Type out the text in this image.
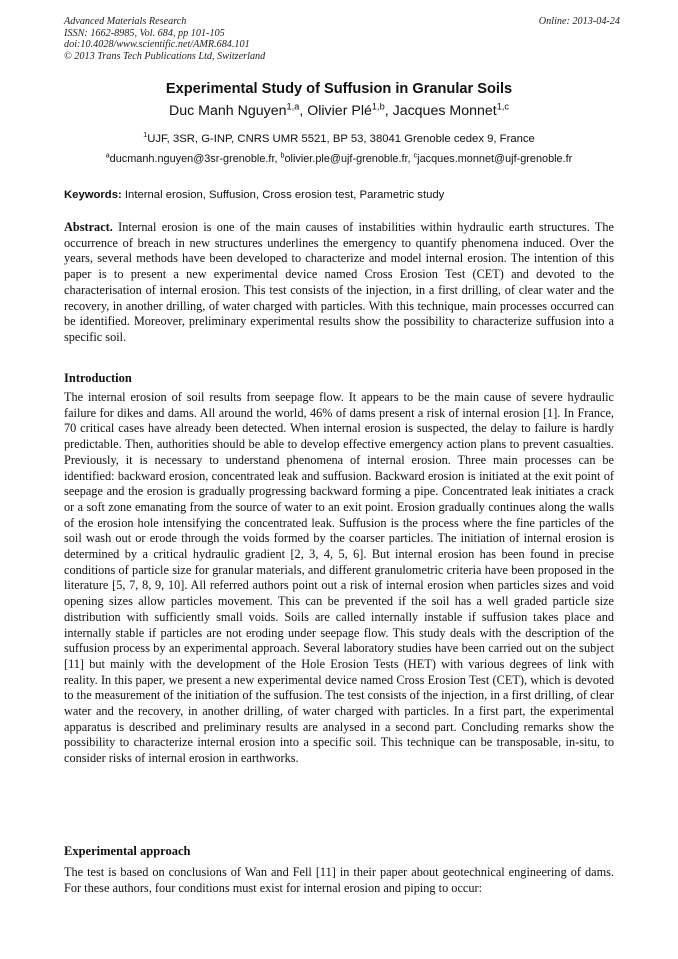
Advanced Materials Research
ISSN: 1662-8985, Vol. 684, pp 101-105
doi:10.4028/www.scientific.net/AMR.684.101
© 2013 Trans Tech Publications Ltd, Switzerland
Online: 2013-04-24
Experimental Study of Suffusion in Granular Soils
Duc Manh Nguyen$^{1,a}$, Olivier Plé$^{1,b}$, Jacques Monnet$^{1,c}$
$^1$UJF, 3SR, G-INP, CNRS UMR 5521, BP 53, 38041 Grenoble cedex 9, France
$^a$ducmanh.nguyen@3sr-grenoble.fr, $^b$olivier.ple@ujf-grenoble.fr, $^c$jacques.monnet@ujf-grenoble.fr
Keywords: Internal erosion, Suffusion, Cross erosion test, Parametric study
Abstract. Internal erosion is one of the main causes of instabilities within hydraulic earth structures. The occurrence of breach in new structures underlines the emergency to quantify phenomena induced. Over the years, several methods have been developed to characterize and model internal erosion. The intention of this paper is to present a new experimental device named Cross Erosion Test (CET) and devoted to the characterisation of internal erosion. This test consists of the injection, in a first drilling, of clear water and the recovery, in another drilling, of water charged with particles. With this technique, main processes occurred can be identified. Moreover, preliminary experimental results show the possibility to characterize suffusion into a specific soil.
Introduction
The internal erosion of soil results from seepage flow. It appears to be the main cause of severe hydraulic failure for dikes and dams. All around the world, 46% of dams present a risk of internal erosion [1]. In France, 70 critical cases have already been detected. When internal erosion is suspected, the delay to failure is hardly predictable. Then, authorities should be able to develop effective emergency action plans to prevent casualties. Previously, it is necessary to understand phenomena of internal erosion. Three main processes can be identified: backward erosion, concentrated leak and suffusion. Backward erosion is initiated at the exit point of seepage and the erosion is gradually progressing backward forming a pipe. Concentrated leak initiates a crack or a soft zone emanating from the source of water to an exit point. Erosion gradually continues along the walls of the erosion hole intensifying the concentrated leak. Suffusion is the process where the fine particles of the soil wash out or erode through the voids formed by the coarser particles. The initiation of internal erosion is determined by a critical hydraulic gradient [2, 3, 4, 5, 6]. But internal erosion has been found in precise conditions of particle size for granular materials, and different granulometric criteria have been proposed in the literature [5, 7, 8, 9, 10]. All referred authors point out a risk of internal erosion when particles sizes and void opening sizes allow particles movement. This can be prevented if the soil has a well graded particle size distribution with sufficiently small voids. Soils are called internally instable if suffusion takes place and internally stable if particles are not eroding under seepage flow. This study deals with the description of the suffusion process by an experimental approach. Several laboratory studies have been carried out on the subject [11] but mainly with the development of the Hole Erosion Tests (HET) with various degrees of link with reality. In this paper, we present a new experimental device named Cross Erosion Test (CET), which is devoted to the measurement of the initiation of the suffusion. The test consists of the injection, in a first drilling, of clear water and the recovery, in another drilling, of water charged with particles. In a first part, the experimental apparatus is described and preliminary results are analysed in a second part. Concluding remarks show the possibility to characterize internal erosion into a specific soil. This technique can be transposable, in-situ, to consider risks of internal erosion in earthworks.
Experimental approach
The test is based on conclusions of Wan and Fell [11] in their paper about geotechnical engineering of dams. For these authors, four conditions must exist for internal erosion and piping to occur:
